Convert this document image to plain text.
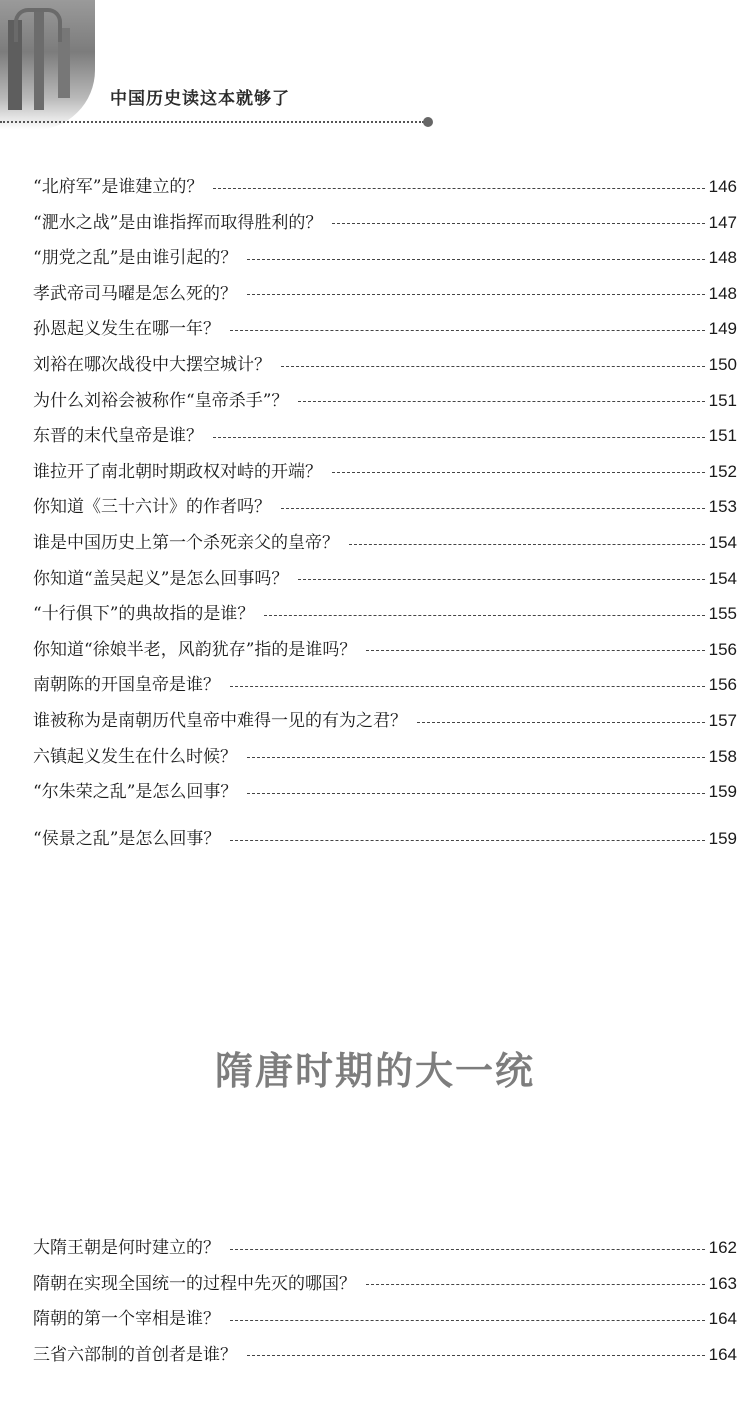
中国历史读这本就够了
“北府军”是谁建立的？	146
“淝水之战”是由谁指挥而取得胜利的？	147
“朋党之乱”是由谁引起的？	148
孝武帝司马曜是怎么死的？	148
孙恩起义发生在哪一年？	149
刘裕在哪次战役中大摆空城计？	150
为什么刘裕会被称作“皇帝杀手”？	151
东晋的末代皇帝是谁？	151
谁拉开了南北朝时期政权对峙的开端？	152
你知道《三十六计》的作者吗？	153
谁是中国历史上第一个杀死亲父的皇帝？	154
你知道“盖吴起义”是怎么回事吗？	154
“十行俱下”的典故指的是谁？	155
你知道“徐娘半老，风韵犹存”指的是谁吗？	156
南朝陈的开国皇帝是谁？	156
谁被称为是南朝历代皇帝中难得一见的有为之君？	157
六镇起义发生在什么时候？	158
“尔朱荣之乱”是怎么回事？	159
“侯景之乱”是怎么回事？	159
隋唐时期的大一统
大隋王朝是何时建立的？	162
隋朝在实现全国统一的过程中先灭的哪国？	163
隋朝的第一个宰相是谁？	164
三省六部制的首创者是谁？	164
